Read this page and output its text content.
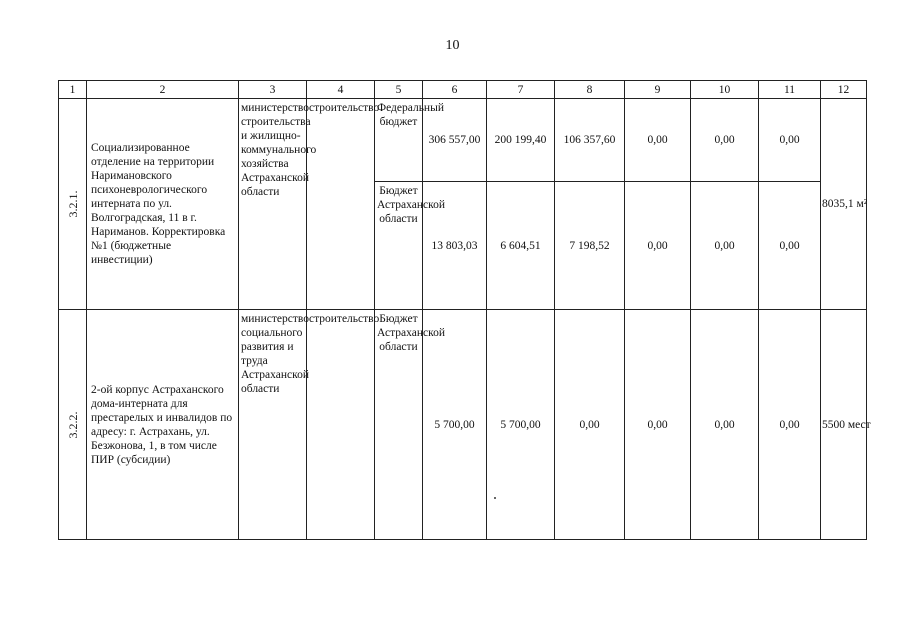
10
1	2	3	4	5	6	7	8	9	10	11	12

3.2.1.	Социализированное отделение на территории Наримановского психоневрологического интерната по ул. Волгоградская, 11 в г. Нариманов. Корректировка №1 (бюджетные инвестиции)	министерство строительства и жилищно-коммунального хозяйства Астраханской области	строительство	Федеральный бюджет	306 557,00	200 199,40	106 357,60	0,00	0,00	0,00	8035,1 м²
				Бюджет Астраханской области	13 803,03	6 604,51	7 198,52	0,00	0,00	0,00	

3.2.2.	2-ой корпус Астраханского дома-интерната для престарелых и инвалидов по адресу: г. Астрахань, ул. Безжонова, 1, в том числе ПИР (субсидии)	министерство социального развития и труда Астраханской области	строительство	Бюджет Астраханской области	5 700,00	5 700,00	0,00	0,00	0,00	0,00	5500 мест
